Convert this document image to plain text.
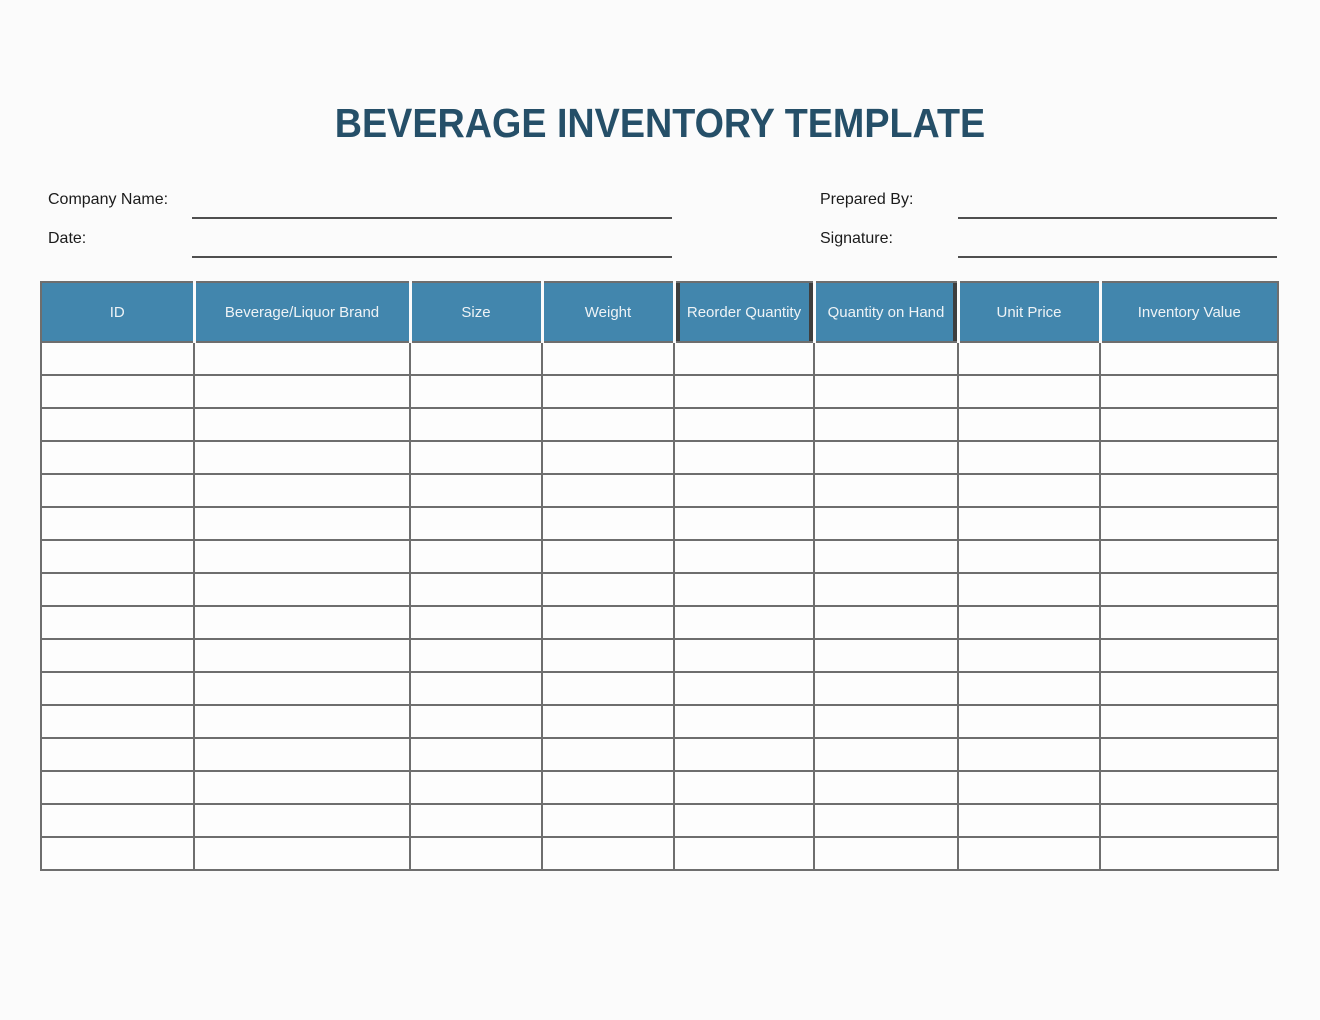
BEVERAGE INVENTORY TEMPLATE
Company Name:
Date:
Prepared By:
Signature:
ID	Beverage/Liquor Brand	Size	Weight	Reorder Quantity	Quantity on Hand	Unit Price	Inventory Value
